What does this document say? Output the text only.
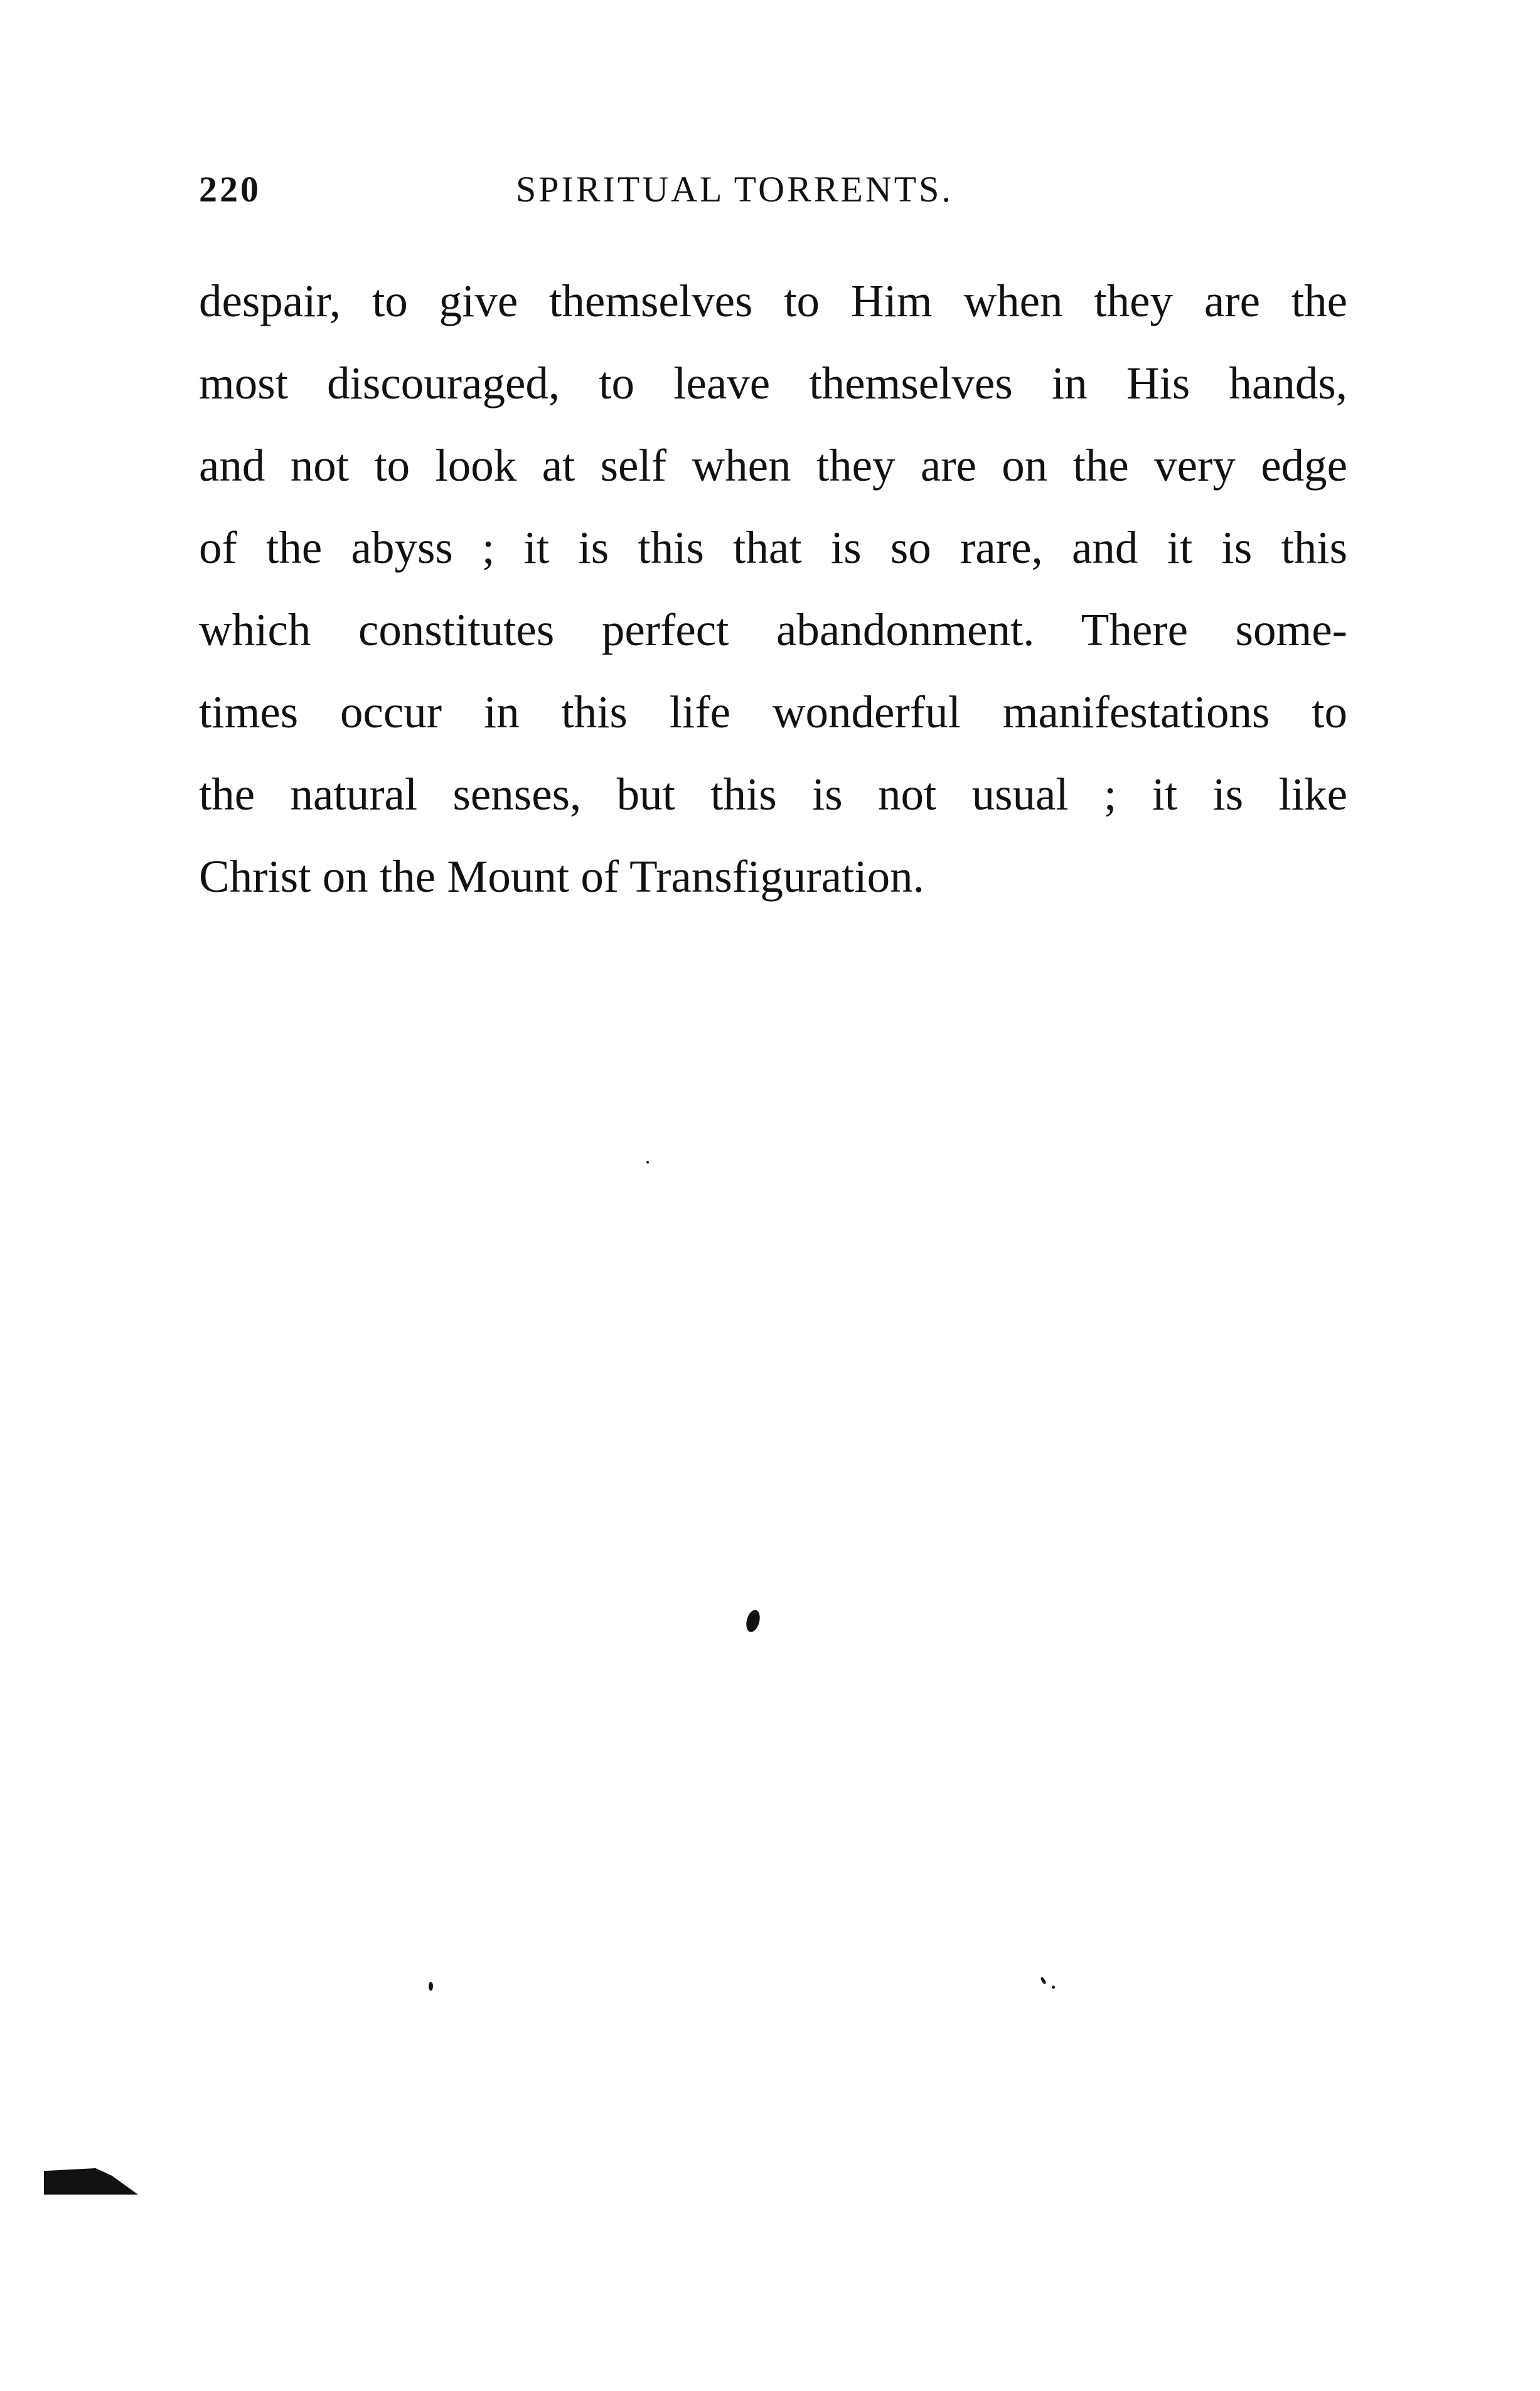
220	SPIRITUAL TORRENTS.
despair, to give themselves to Him when they are the
most discouraged, to leave themselves in His hands,
and not to look at self when they are on the very edge
of the abyss ; it is this that is so rare, and it is this
which constitutes perfect abandonment. There some-
times occur in this life wonderful manifestations to
the natural senses, but this is not usual ; it is like
Christ on the Mount of Transfiguration.
